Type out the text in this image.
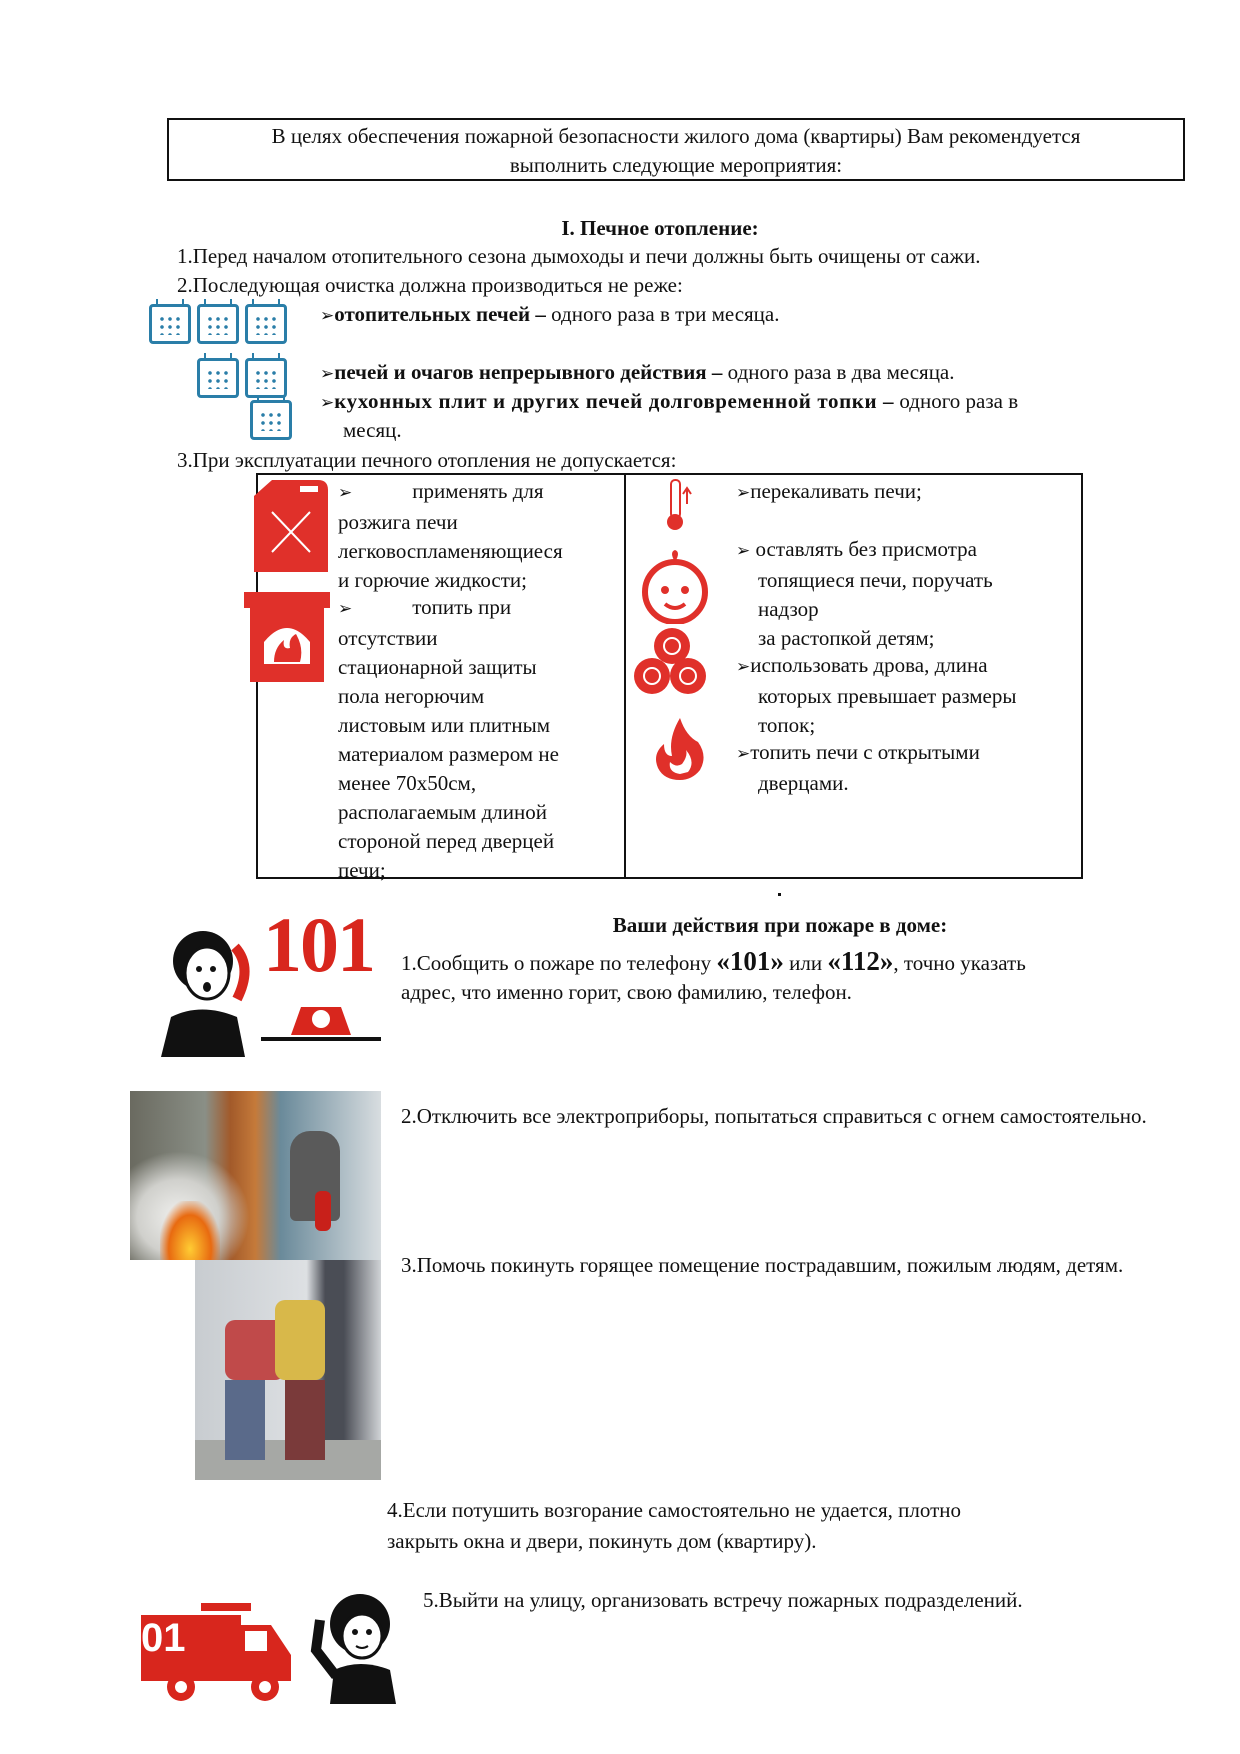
В целях обеспечения пожарной безопасности жилого дома (квартиры) Вам рекомендуется
выполнить следующие мероприятия:
I. Печное отопление:
1.Перед началом отопительного сезона дымоходы и печи должны быть очищены от сажи.
2.Последующая очистка должна производиться не реже:
➢отопительных печей – одного раза в три месяца.
➢печей и очагов непрерывного действия – одного раза в два месяца.
➢кухонных плит и других печей долговременной топки – одного раза в
месяц.
3.При эксплуатации печного отопления не допускается:
➢	применять для
розжига печи
легковоспламеняющиеся
и горючие жидкости;
➢	топить при
отсутствии
стационарной защиты
пола негорючим
листовым или плитным
материалом размером не
менее 70х50см,
располагаемым длиной
стороной перед дверцей
печи;
➢перекаливать печи;
➢ оставлять без присмотра
топящиеся печи, поручать
надзор
за растопкой детям;
➢использовать дрова, длина
которых превышает размеры
топок;
➢топить печи с открытыми
дверцами.
Ваши действия при пожаре в доме:
101 1.Сообщить о пожаре по телефону «101» или «112», точно указать
адрес, что именно горит, свою фамилию, телефон.
2.Отключить все электроприборы, попытаться справиться с огнем самостоятельно.
3.Помочь покинуть горящее помещение пострадавшим, пожилым людям, детям.
4.Если потушить возгорание самостоятельно не удается, плотно
закрыть окна и двери, покинуть дом (квартиру).
01
5.Выйти на улицу, организовать встречу пожарных подразделений.
